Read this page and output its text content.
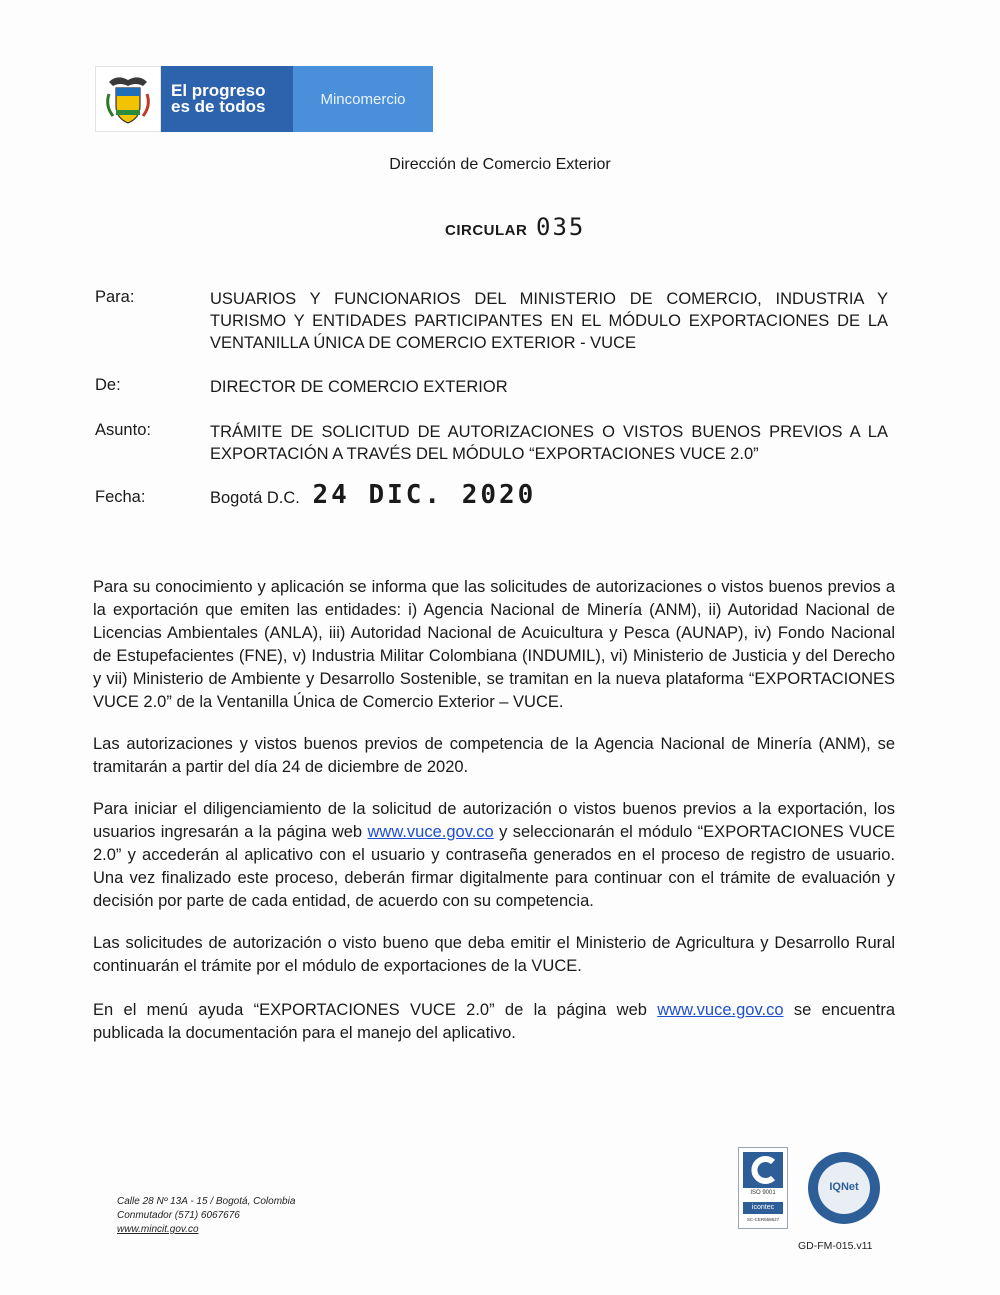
El progreso
es de todos	Mincomercio
Dirección de Comercio Exterior
CIRCULAR 035
Para:	USUARIOS Y FUNCIONARIOS DEL MINISTERIO DE COMERCIO, INDUSTRIA Y TURISMO Y ENTIDADES PARTICIPANTES EN EL MÓDULO EXPORTACIONES DE LA VENTANILLA ÚNICA DE COMERCIO EXTERIOR - VUCE
De:	DIRECTOR DE COMERCIO EXTERIOR
Asunto:	TRÁMITE DE SOLICITUD DE AUTORIZACIONES O VISTOS BUENOS PREVIOS A LA EXPORTACIÓN A TRAVÉS DEL MÓDULO “EXPORTACIONES VUCE 2.0”
Fecha:	Bogotá D.C. 24 DIC. 2020
Para su conocimiento y aplicación se informa que las solicitudes de autorizaciones o vistos buenos previos a la exportación que emiten las entidades: i) Agencia Nacional de Minería (ANM), ii) Autoridad Nacional de Licencias Ambientales (ANLA), iii) Autoridad Nacional de Acuicultura y Pesca (AUNAP), iv) Fondo Nacional de Estupefacientes (FNE), v) Industria Militar Colombiana (INDUMIL), vi) Ministerio de Justicia y del Derecho y vii) Ministerio de Ambiente y Desarrollo Sostenible, se tramitan en la nueva plataforma “EXPORTACIONES VUCE 2.0” de la Ventanilla Única de Comercio Exterior – VUCE.
Las autorizaciones y vistos buenos previos de competencia de la Agencia Nacional de Minería (ANM), se tramitarán a partir del día 24 de diciembre de 2020.
Para iniciar el diligenciamiento de la solicitud de autorización o vistos buenos previos a la exportación, los usuarios ingresarán a la página web www.vuce.gov.co y seleccionarán el módulo “EXPORTACIONES VUCE 2.0” y accederán al aplicativo con el usuario y contraseña generados en el proceso de registro de usuario. Una vez finalizado este proceso, deberán firmar digitalmente para continuar con el trámite de evaluación y decisión por parte de cada entidad, de acuerdo con su competencia.
Las solicitudes de autorización o visto bueno que deba emitir el Ministerio de Agricultura y Desarrollo Rural continuarán el trámite por el módulo de exportaciones de la VUCE.
En el menú ayuda “EXPORTACIONES VUCE 2.0” de la página web www.vuce.gov.co se encuentra publicada la documentación para el manejo del aplicativo.
Calle 28 Nº 13A - 15 / Bogotá, Colombia
Conmutador (571) 6067676
www.mincit.gov.co
ISO 9001
icontec
SC-CER658627
IQNet
GD-FM-015.v11
